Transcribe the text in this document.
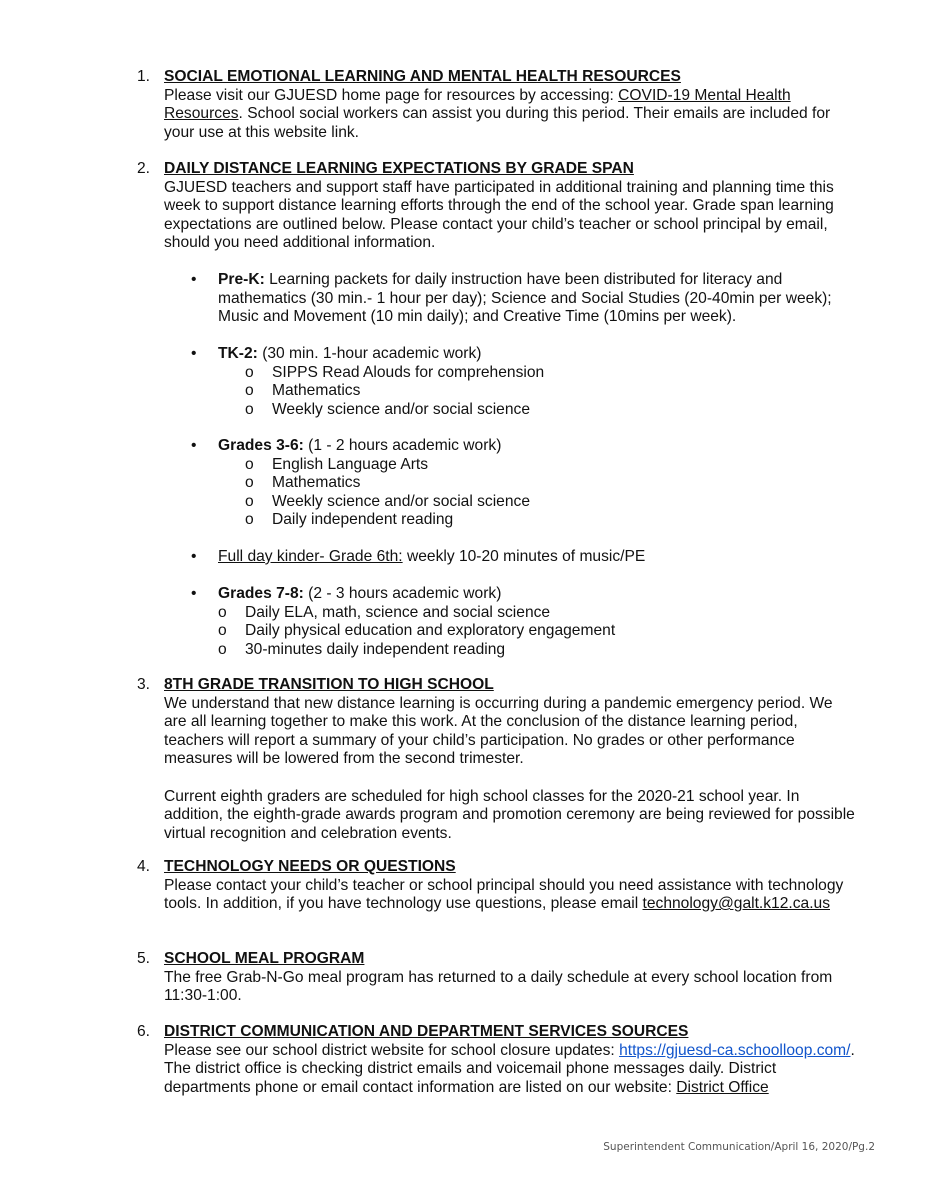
1. SOCIAL EMOTIONAL LEARNING AND MENTAL HEALTH RESOURCES
Please visit our GJUESD home page for resources by accessing: COVID-19 Mental Health Resources. School social workers can assist you during this period. Their emails are included for your use at this website link.
2. DAILY DISTANCE LEARNING EXPECTATIONS BY GRADE SPAN
GJUESD teachers and support staff have participated in additional training and planning time this week to support distance learning efforts through the end of the school year. Grade span learning expectations are outlined below. Please contact your child’s teacher or school principal by email, should you need additional information.
•	Pre-K: Learning packets for daily instruction have been distributed for literacy and mathematics (30 min.- 1 hour per day); Science and Social Studies (20-40min per week); Music and Movement (10 min daily); and Creative Time (10mins per week).
•	TK-2: (30 min. 1-hour academic work)
o SIPPS Read Alouds for comprehension
o Mathematics
o Weekly science and/or social science
•	Grades 3-6: (1 - 2 hours academic work)
o English Language Arts
o Mathematics
o Weekly science and/or social science
o Daily independent reading
•	Full day kinder- Grade 6th: weekly 10-20 minutes of music/PE
•	Grades 7-8: (2 - 3 hours academic work)
o Daily ELA, math, science and social science
o Daily physical education and exploratory engagement
o 30-minutes daily independent reading
3. 8TH GRADE TRANSITION TO HIGH SCHOOL
We understand that new distance learning is occurring during a pandemic emergency period. We are all learning together to make this work. At the conclusion of the distance learning period, teachers will report a summary of your child’s participation. No grades or other performance measures will be lowered from the second trimester.
Current eighth graders are scheduled for high school classes for the 2020-21 school year. In addition, the eighth-grade awards program and promotion ceremony are being reviewed for possible virtual recognition and celebration events.
4. TECHNOLOGY NEEDS OR QUESTIONS
Please contact your child’s teacher or school principal should you need assistance with technology tools. In addition, if you have technology use questions, please email technology@galt.k12.ca.us
5. SCHOOL MEAL PROGRAM
The free Grab-N-Go meal program has returned to a daily schedule at every school location from 11:30-1:00.
6. DISTRICT COMMUNICATION AND DEPARTMENT SERVICES SOURCES
Please see our school district website for school closure updates: https://gjuesd-ca.schoolloop.com/. The district office is checking district emails and voicemail phone messages daily. District departments phone or email contact information are listed on our website: District Office
Superintendent Communication/April 16, 2020/Pg.2
